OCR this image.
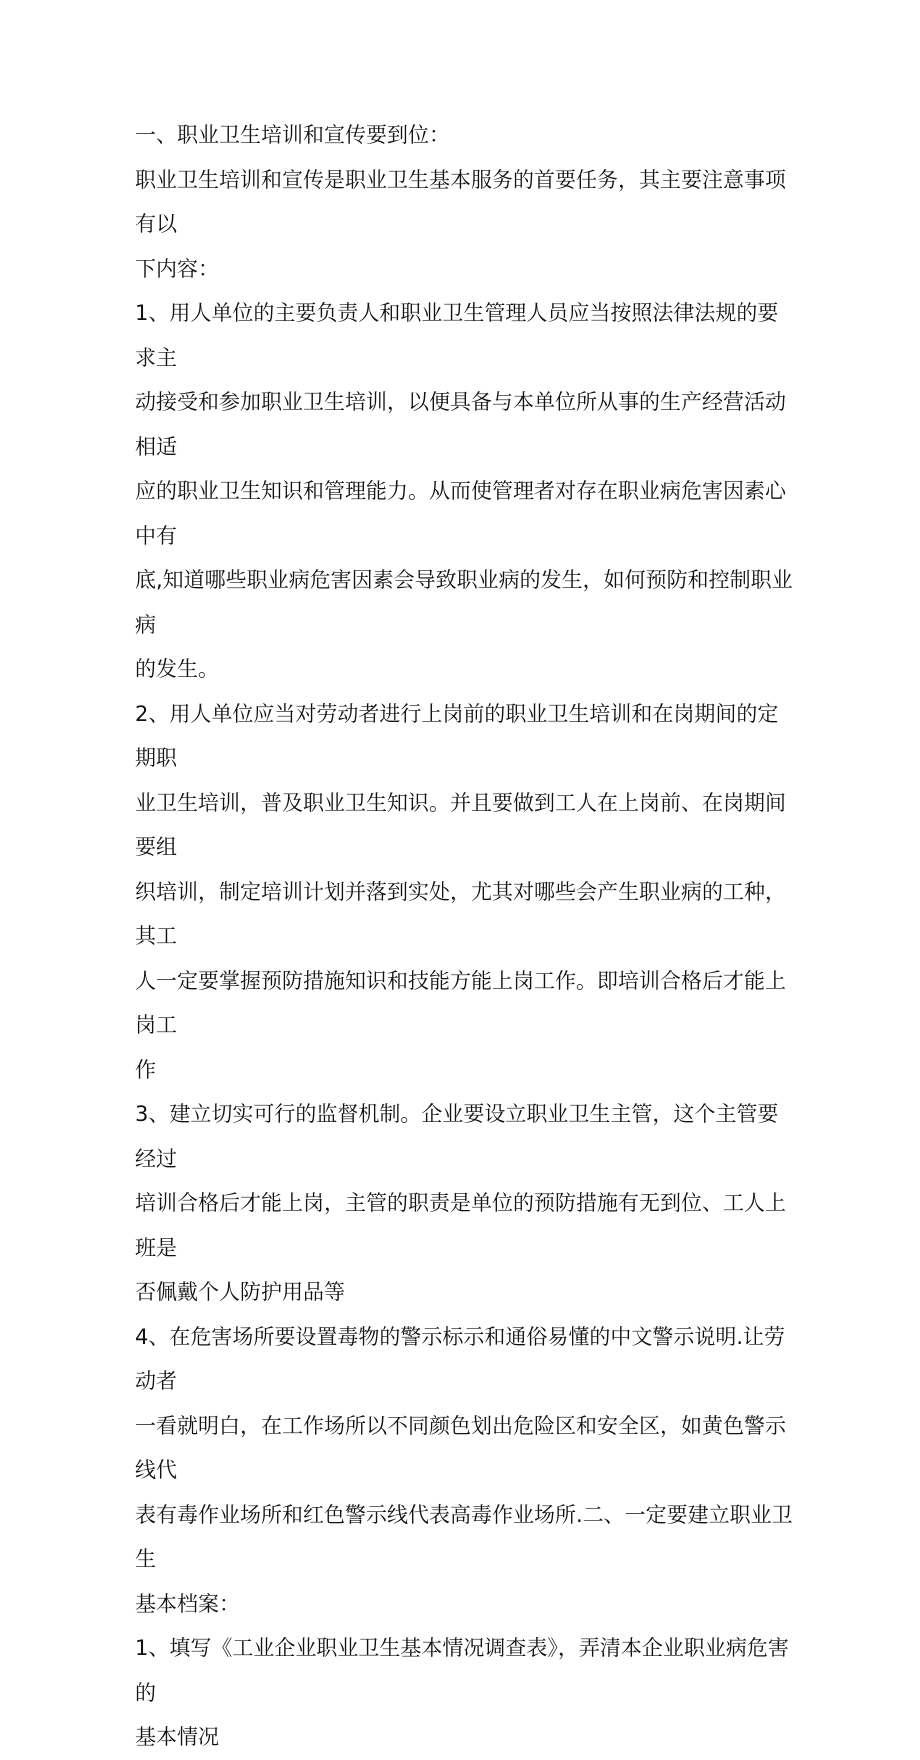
一、职业卫生培训和宣传要到位：

职业卫生培训和宣传是职业卫生基本服务的首要任务，其主要注意事项有以
下内容：

1、用人单位的主要负责人和职业卫生管理人员应当按照法律法规的要求主
动接受和参加职业卫生培训，以便具备与本单位所从事的生产经营活动相适
应的职业卫生知识和管理能力。从而使管理者对存在职业病危害因素心中有
底,知道哪些职业病危害因素会导致职业病的发生，如何预防和控制职业病
的发生。

2、用人单位应当对劳动者进行上岗前的职业卫生培训和在岗期间的定期职
业卫生培训，普及职业卫生知识。并且要做到工人在上岗前、在岗期间要组
织培训，制定培训计划并落到实处，尤其对哪些会产生职业病的工种，其工
人一定要掌握预防措施知识和技能方能上岗工作。即培训合格后才能上岗工
作

3、建立切实可行的监督机制。企业要设立职业卫生主管，这个主管要经过
培训合格后才能上岗，主管的职责是单位的预防措施有无到位、工人上班是
否佩戴个人防护用品等

4、在危害场所要设置毒物的警示标示和通俗易懂的中文警示说明.让劳动者
一看就明白，在工作场所以不同颜色划出危险区和安全区，如黄色警示线代
表有毒作业场所和红色警示线代表高毒作业场所.二、一定要建立职业卫生
基本档案：

1、填写《工业企业职业卫生基本情况调查表》，弄清本企业职业病危害的
基本情况
